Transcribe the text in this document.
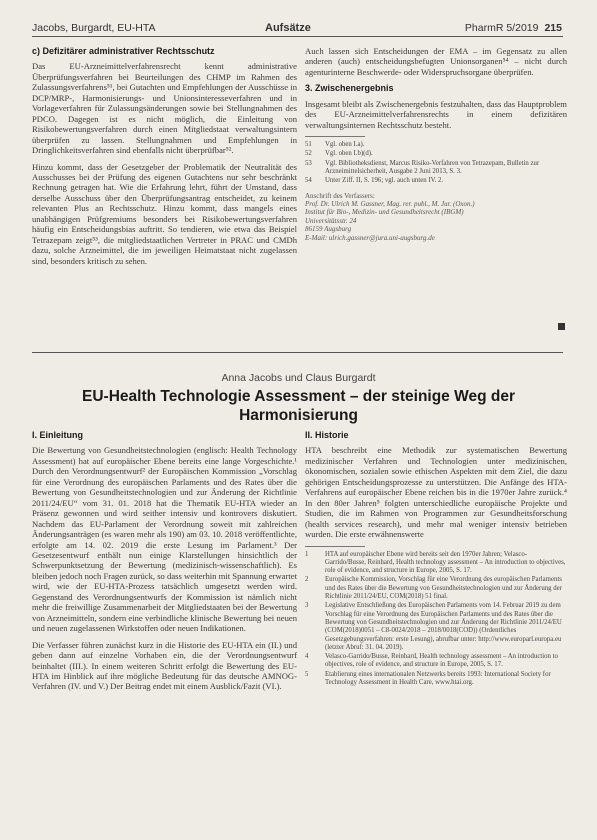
Jacobs, Burgardt, EU-HTA	Aufsätze	PharmR 5/2019 215
c) Defizitärer administrativer Rechtsschutz

Das EU-Arzneimittelverfahrensrecht kennt administrative Überprüfungsverfahren bei Beurteilungen des CHMP im Rahmen des Zulassungsverfahrens⁵¹, bei Gutachten und Empfehlungen der Ausschüsse in DCP/MRP-, Harmonisierungs- und Unionsinteresseverfahren und in Vorlageverfahren für Zulassungsänderungen sowie bei Stellungnahmen des PDCO. Dagegen ist es nicht möglich, die Einleitung von Risikobewertungsverfahren durch einen Mitgliedstaat verwaltungsintern überprüfen zu lassen. Stellungnahmen und Empfehlungen in Dringlichkeitsverfahren sind ebenfalls nicht überprüfbar⁵².

Hinzu kommt, dass der Gesetzgeber der Problematik der Neutralität des Ausschusses bei der Prüfung des eigenen Gutachtens nur sehr beschränkt Rechnung getragen hat. Wie die Erfahrung lehrt, führt der Umstand, dass derselbe Ausschuss über den Überprüfungsantrag entscheidet, zu keinem relevanten Plus an Rechtsschutz. Hinzu kommt, dass mangels eines unabhängigen Prüfgremiums besonders bei Risikobewertungsverfahren häufig ein Entscheidungsbias auftritt. So tendieren, wie etwa das Beispiel Tetrazepam zeigt⁵³, die mitgliedstaatlichen Vertreter in PRAC und CMDh dazu, solche Arzneimittel, die im jeweiligen Heimatstaat nicht zugelassen sind, besonders kritisch zu sehen.

Auch lassen sich Entscheidungen der EMA – im Gegensatz zu allen anderen (auch) entscheidungsbefugten Unionsorganen⁵⁴ – nicht durch agenturinterne Beschwerde- oder Widerspruchsorgane überprüfen.

3. Zwischenergebnis

Insgesamt bleibt als Zwischenergebnis festzuhalten, dass das Hauptproblem des EU-Arzneimittelverfahrensrechts in einem defizitären verwaltungsinternen Rechtsschutz besteht.

51	Vgl. oben I.a).
52	Vgl. oben I.b)(d).
53	Vgl. Bibliotheksdienst, Marcus Risiko-Verfahren von Tetrazepam, Bulletin zur Arzneimittelsicherheit, Ausgabe 2 Juni 2013, S. 3.
54	Unter Ziff. II, S. 196; vgl. auch unten IV. 2.
Anschrift des Verfassers:
Prof. Dr. Ulrich M. Gassner, Mag. rer. publ., M. Jur. (Oxon.)
Institut für Bio-, Medizin- und Gesundheitsrecht (IBGM)
Universitätsstr. 24
86159 Augsburg
E-Mail: ulrich.gassner@jura.uni-augsburg.de
Anna Jacobs und Claus Burgardt
EU-Health Technologie Assessment – der steinige Weg der
Harmonisierung
I. Einleitung

Die Bewertung von Gesundheitstechnologien (englisch: Health Technology Assessment) hat auf europäischer Ebene bereits eine lange Vorgeschichte.¹ Durch den Verordnungsentwurf² der Europäischen Kommission „Vorschlag für eine Verordnung des europäischen Parlaments und des Rates über die Bewertung von Gesundheitstechnologien und zur Änderung der Richtlinie 2011/24/EU“ vom 31. 01. 2018 hat die Thematik EU-HTA wieder an Präsenz gewonnen und wird seither intensiv und kontrovers diskutiert. Nachdem das EU-Parlament der Verordnung soweit mit zahlreichen Änderungsanträgen (es waren mehr als 190) am 03. 10. 2018 veröffentlichte, erfolgte am 14. 02. 2019 die erste Lesung im Parlament.³ Der Gesetzesentwurf enthält nun einige Klarstellungen hinsichtlich der Schwerpunktsetzung der Bewertung (medizinisch-wissenschaftlich). Es bleiben jedoch noch Fragen zurück, so dass weiterhin mit Spannung erwartet wird, wie der EU-HTA-Prozess tatsächlich umgesetzt werden wird. Gegenstand des Verordnungsentwurfs der Kommission ist nämlich nicht mehr die freiwillige Zusammenarbeit der Mitgliedstaaten bei der Bewertung von Arzneimitteln, sondern eine verbindliche klinische Bewertung bei neuen und neuen zugelassenen Wirkstoffen oder neuen Indikationen.

Die Verfasser führen zunächst kurz in die Historie des EU-HTA ein (II.) und geben dann auf einzelne Vorhaben ein, die der Verordnungsentwurf beinhaltet (III.). In einem weiteren Schritt erfolgt die Bewertung des EU-HTA im Hinblick auf ihre mögliche Bedeutung für das deutsche AMNOG-Verfahren (IV. und V.) Der Beitrag endet mit einem Ausblick/Fazit (VI.).

II. Historie

HTA beschreibt eine Methodik zur systematischen Bewertung medizinischer Verfahren und Technologien unter medizinischen, ökonomischen, sozialen sowie ethischen Aspekten mit dem Ziel, die dazu gehörigen Entscheidungsprozesse zu unterstützen. Die Anfänge des HTA-Verfahrens auf europäischer Ebene reichen bis in die 1970er Jahre zurück.⁴ In den 80er Jahren⁵ folgten unterschiedliche europäische Projekte und Studien, die im Rahmen von Programmen zur Gesundheitsforschung (health services research), und mehr mal weniger intensiv betrieben wurden. Die erste erwähnenswerte

1	HTA auf europäischer Ebene wird bereits seit den 1970er Jahren; Velasco-Garrido/Busse, Reinhard, Health technology assessment – An introduction to objectives, role of evidence, and structure in Europe, 2005, S. 17.
2	Europäische Kommission, Vorschlag für eine Verordnung des europäischen Parlaments und des Rates über die Bewertung von Gesundheitstechnologien und zur Änderung der Richtlinie 2011/24/EU, COM(2018) 51 final.
3	Legislative Entschließung des Europäischen Parlaments vom 14. Februar 2019 zu dem Vorschlag für eine Verordnung des Europäischen Parlaments und des Rates über die Bewertung von Gesundheitstechnologien und zur Änderung der Richtlinie 2011/24/EU (COM(2018)0051 – C8-0024/2018 – 2018/0018(COD)) (Ordentliches Gesetzgebungsverfahren: erste Lesung), abrufbar unter: http://www.europarl.europa.eu (letzter Abruf: 31. 04. 2019).
4	Velasco-Garrido/Busse, Reinhard, Health technology assessment – An introduction to objectives, role of evidence, and structure in Europe, 2005, S. 17.
5	Etablierung eines internationalen Netzwerks bereits 1993: International Society for Technology Assessment in Health Care, www.htai.org.
